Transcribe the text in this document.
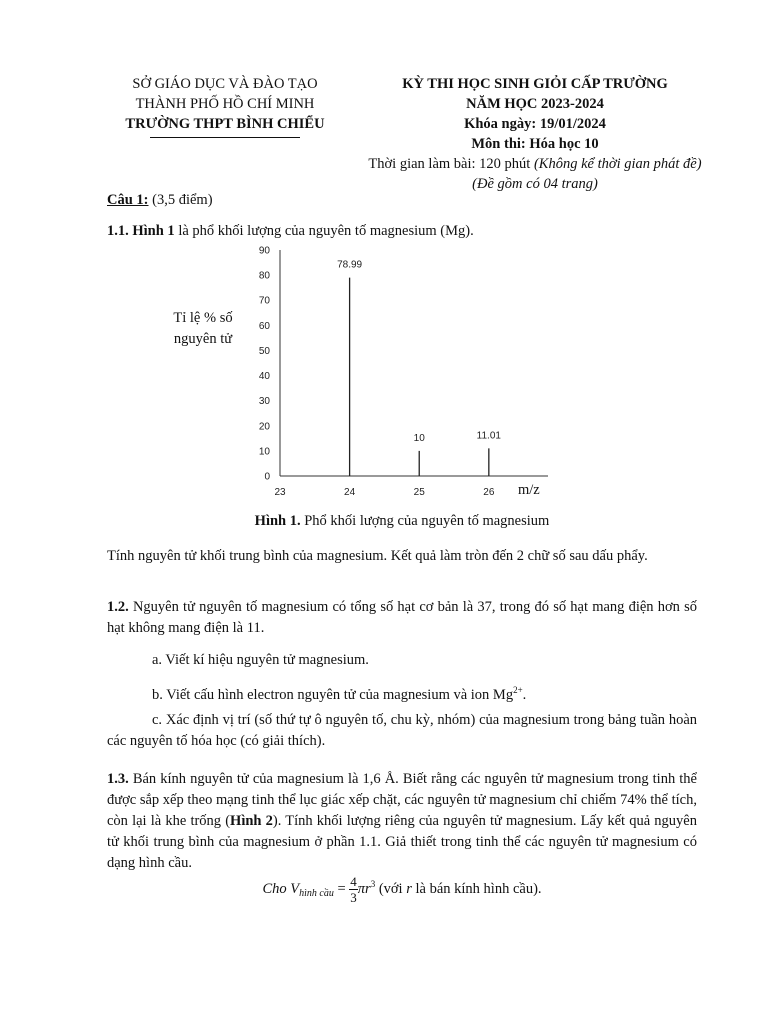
SỞ GIÁO DỤC VÀ ĐÀO TẠO
THÀNH PHỐ HỒ CHÍ MINH
TRƯỜNG THPT BÌNH CHIỂU
KỲ THI HỌC SINH GIỎI CẤP TRƯỜNG
NĂM HỌC 2023-2024
Khóa ngày: 19/01/2024
Môn thi: Hóa học 10
Thời gian làm bài: 120 phút (Không kể thời gian phát đề)
(Đề gồm có 04 trang)
Câu 1: (3,5 điểm)
1.1. Hình 1 là phổ khối lượng của nguyên tố magnesium (Mg).
Tỉ lệ % số
nguyên tử
0
10
20
30
40
50
60
70
80
90
23	24	25	26
78.99
10	11.01
m/z
Hình 1. Phổ khối lượng của nguyên tố magnesium
Tính nguyên tử khối trung bình của magnesium. Kết quả làm tròn đến 2 chữ số sau dấu phẩy.
1.2. Nguyên tử nguyên tố magnesium có tổng số hạt cơ bản là 37, trong đó số hạt mang điện hơn số hạt không mang điện là 11.
a. Viết kí hiệu nguyên tử magnesium.
b. Viết cấu hình electron nguyên tử của magnesium và ion $Mg^{2+}$.
c. Xác định vị trí (số thứ tự ô nguyên tố, chu kỳ, nhóm) của magnesium trong bảng tuần hoàn các nguyên tố hóa học (có giải thích).
1.3. Bán kính nguyên tử của magnesium là 1,6 Å. Biết rằng các nguyên tử magnesium trong tinh thể được sắp xếp theo mạng tinh thể lục giác xếp chặt, các nguyên tử magnesium chỉ chiếm 74% thể tích, còn lại là khe trống (Hình 2). Tính khối lượng riêng của nguyên tử magnesium. Lấy kết quả nguyên tử khối trung bình của magnesium ở phần 1.1. Giả thiết trong tinh thể các nguyên tử magnesium có dạng hình cầu.
Cho $V_{hình cầu} = \frac{4}{3} \pi r^3$ (với r là bán kính hình cầu).
